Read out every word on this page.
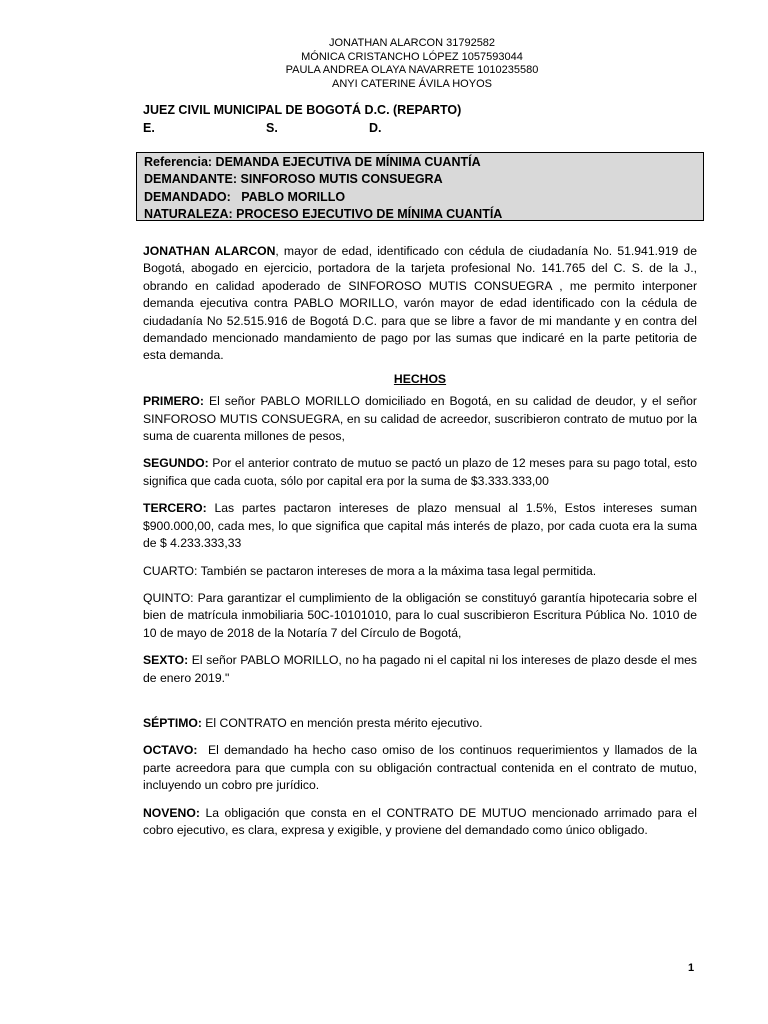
JONATHAN ALARCON 31792582
MÓNICA CRISTANCHO LÓPEZ 1057593044
PAULA ANDREA OLAYA NAVARRETE 1010235580
ANYI CATERINE ÁVILA HOYOS
JUEZ CIVIL MUNICIPAL DE BOGOTÁ D.C. (REPARTO)
E.	S.	D.
Referencia: DEMANDA EJECUTIVA DE MÍNIMA CUANTÍA
DEMANDANTE: SINFOROSO MUTIS CONSUEGRA
DEMANDADO:   PABLO MORILLO
NATURALEZA: PROCESO EJECUTIVO DE MÍNIMA CUANTÍA

JONATHAN ALARCON, mayor de edad, identificado con cédula de ciudadanía No. 51.941.919 de Bogotá, abogado en ejercicio, portadora de la tarjeta profesional No. 141.765 del C. S. de la J., obrando en calidad apoderado de SINFOROSO MUTIS CONSUEGRA , me permito interponer demanda ejecutiva contra PABLO MORILLO, varón mayor de edad identificado con la cédula de ciudadanía No 52.515.916 de Bogotá D.C. para que se libre a favor de mi mandante y en contra del demandado mencionado mandamiento de pago por las sumas que indicaré en la parte petitoria de esta demanda.

HECHOS

PRIMERO: El señor PABLO MORILLO domiciliado en Bogotá, en su calidad de deudor, y el señor SINFOROSO MUTIS CONSUEGRA, en su calidad de acreedor, suscribieron contrato de mutuo por la suma de cuarenta millones de pesos,

SEGUNDO: Por el anterior contrato de mutuo se pactó un plazo de 12 meses para su pago total, esto significa que cada cuota, sólo por capital era por la suma de $3.333.333,00

TERCERO: Las partes pactaron intereses de plazo mensual al 1.5%, Estos intereses suman $900.000,00, cada mes, lo que significa que capital más interés de plazo, por cada cuota era la suma de $ 4.233.333,33

CUARTO: También se pactaron intereses de mora a la máxima tasa legal permitida.

QUINTO: Para garantizar el cumplimiento de la obligación se constituyó garantía hipotecaria sobre el bien de matrícula inmobiliaria 50C-10101010, para lo cual suscribieron Escritura Pública No. 1010 de 10 de mayo de 2018 de la Notaría 7 del Círculo de Bogotá,

SEXTO: El señor PABLO MORILLO, no ha pagado ni el capital ni los intereses de plazo desde el mes de enero 2019."

SÉPTIMO: El CONTRATO en mención presta mérito ejecutivo.

OCTAVO:  El demandado ha hecho caso omiso de los continuos requerimientos y llamados de la parte acreedora para que cumpla con su obligación contractual contenida en el contrato de mutuo, incluyendo un cobro pre jurídico.

NOVENO: La obligación que consta en el CONTRATO DE MUTUO mencionado arrimado para el cobro ejecutivo, es clara, expresa y exigible, y proviene del demandado como único obligado.

1
